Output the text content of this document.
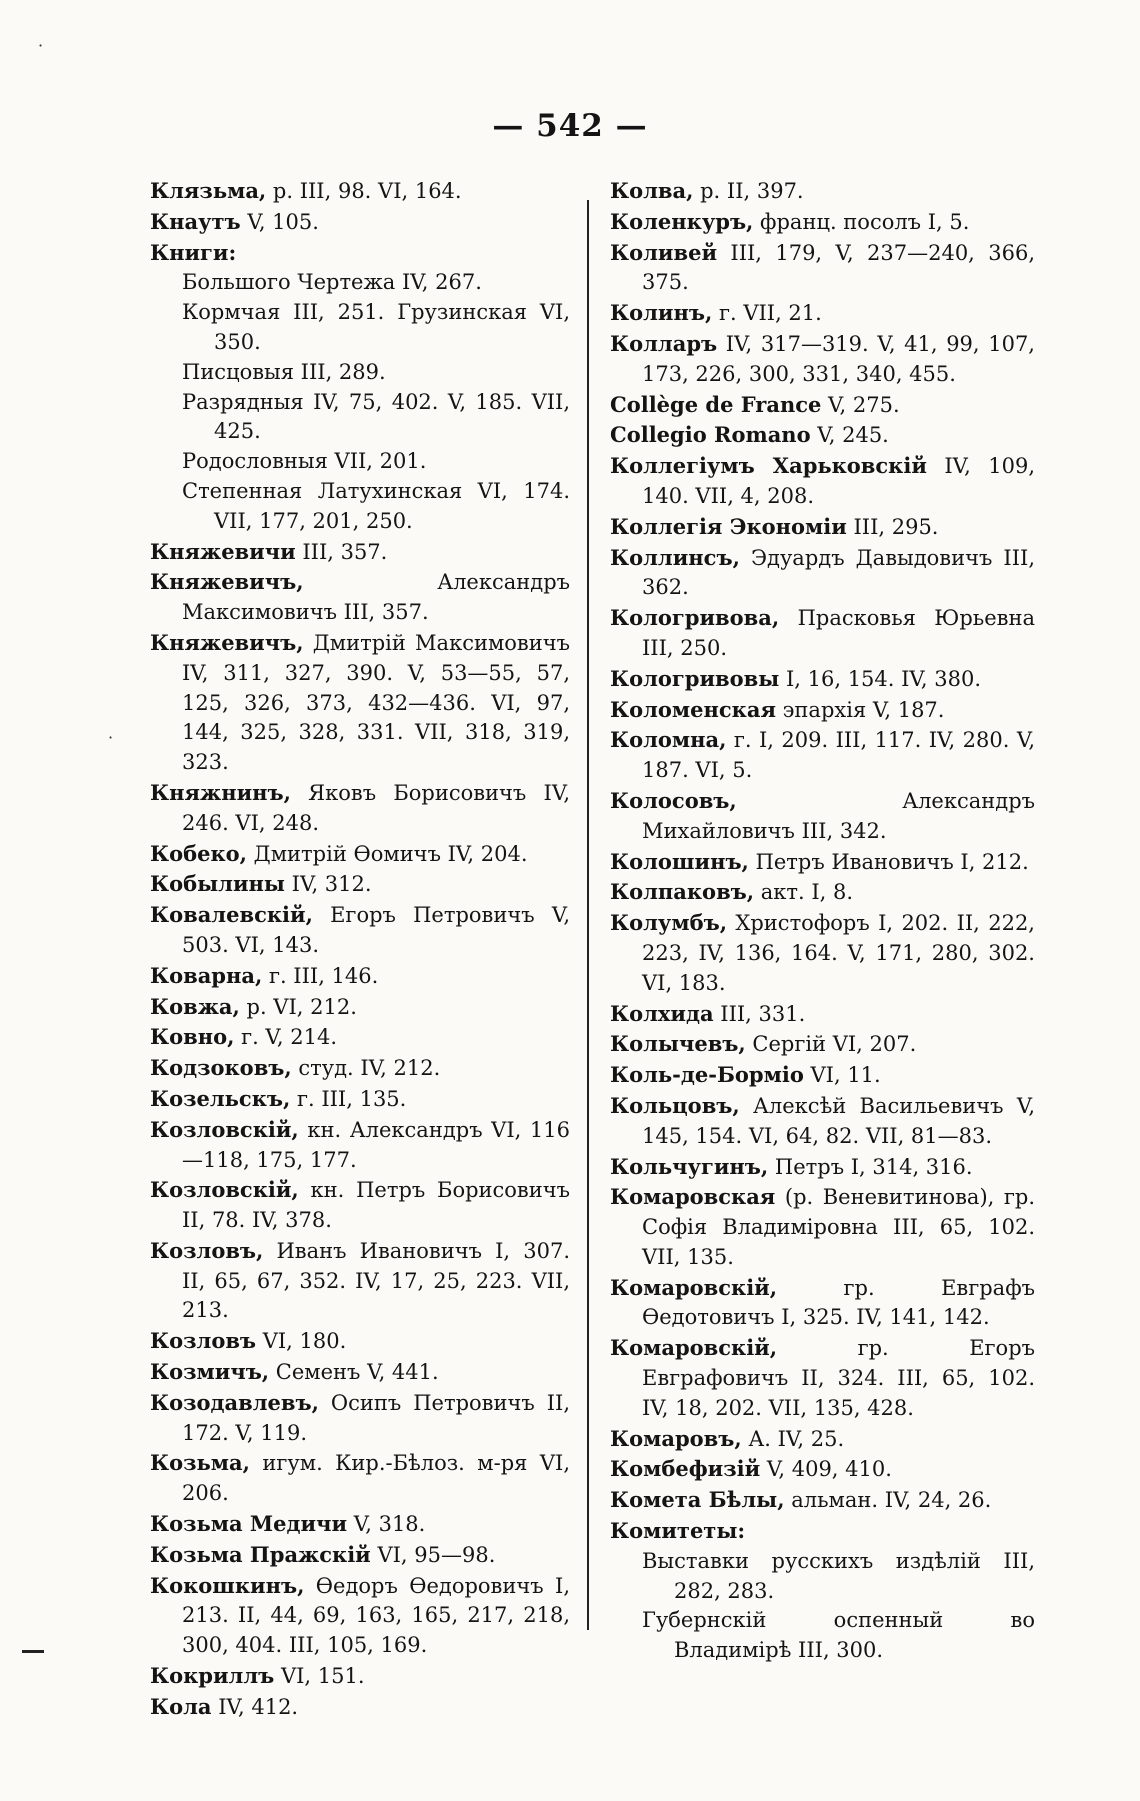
— 542 —
Клязьма, р. III, 98. VI, 164.
Кнаутъ V, 105.
Книги:
Большого Чертежа IV, 267.
Кормчая III, 251. Грузинская VI, 350.
Писцовыя III, 289.
Разрядныя IV, 75, 402. V, 185. VII, 425.
Родословныя VII, 201.
Степенная Латухинская VI, 174. VII, 177, 201, 250.
Княжевичи III, 357.
Княжевичъ, Александръ Максимовичъ III, 357.
Княжевичъ, Дмитрій Максимовичъ IV, 311, 327, 390. V, 53—55, 57, 125, 326, 373, 432—436. VI, 97, 144, 325, 328, 331. VII, 318, 319, 323.
Княжнинъ, Яковъ Борисовичъ IV, 246. VI, 248.
Кобеко, Дмитрій Ѳомичъ IV, 204.
Кобылины IV, 312.
Ковалевскій, Егоръ Петровичъ V, 503. VI, 143.
Коварна, г. III, 146.
Ковжа, р. VI, 212.
Ковно, г. V, 214.
Кодзоковъ, студ. IV, 212.
Козельскъ, г. III, 135.
Козловскій, кн. Александръ VI, 116—118, 175, 177.
Козловскій, кн. Петръ Борисовичъ II, 78. IV, 378.
Козловъ, Иванъ Ивановичъ I, 307. II, 65, 67, 352. IV, 17, 25, 223. VII, 213.
Козловъ VI, 180.
Козмичъ, Семенъ V, 441.
Козодавлевъ, Осипъ Петровичъ II, 172. V, 119.
Козьма, игум. Кир.-Бѣлоз. м-ря VI, 206.
Козьма Медичи V, 318.
Козьма Пражскій VI, 95—98.
Кокошкинъ, Ѳедоръ Ѳедоровичъ I, 213. II, 44, 69, 163, 165, 217, 218, 300, 404. III, 105, 169.
Кокриллъ VI, 151.
Кола IV, 412.
Колва, р. II, 397.
Коленкуръ, франц. посолъ I, 5.
Коливей III, 179, V, 237—240, 366, 375.
Колинъ, г. VII, 21.
Колларъ IV, 317—319. V, 41, 99, 107, 173, 226, 300, 331, 340, 455.
Collège de France V, 275.
Collegio Romano V, 245.
Коллегіумъ Харьковскій IV, 109, 140. VII, 4, 208.
Коллегія Экономіи III, 295.
Коллинсъ, Эдуардъ Давыдовичъ III, 362.
Кологривова, Прасковья Юрьевна III, 250.
Кологривовы I, 16, 154. IV, 380.
Коломенская эпархія V, 187.
Коломна, г. I, 209. III, 117. IV, 280. V, 187. VI, 5.
Колосовъ, Александръ Михайловичъ III, 342.
Колошинъ, Петръ Ивановичъ I, 212.
Колпаковъ, акт. I, 8.
Колумбъ, Христофоръ I, 202. II, 222, 223, IV, 136, 164. V, 171, 280, 302. VI, 183.
Колхида III, 331.
Колычевъ, Сергій VI, 207.
Коль-де-Борміо VI, 11.
Кольцовъ, Алексѣй Васильевичъ V, 145, 154. VI, 64, 82. VII, 81—83.
Кольчугинъ, Петръ I, 314, 316.
Комаровская (р. Веневитинова), гр. Софія Владиміровна III, 65, 102. VII, 135.
Комаровскій, гр. Евграфъ Ѳедотовичъ I, 325. IV, 141, 142.
Комаровскій, гр. Егоръ Евграфовичъ II, 324. III, 65, 102. IV, 18, 202. VII, 135, 428.
Комаровъ, А. IV, 25.
Комбефизій V, 409, 410.
Комета Бѣлы, альман. IV, 24, 26.
Комитеты:
Выставки русскихъ издѣлій III, 282, 283.
Губернскій оспенный во Владимірѣ III, 300.
·
·
